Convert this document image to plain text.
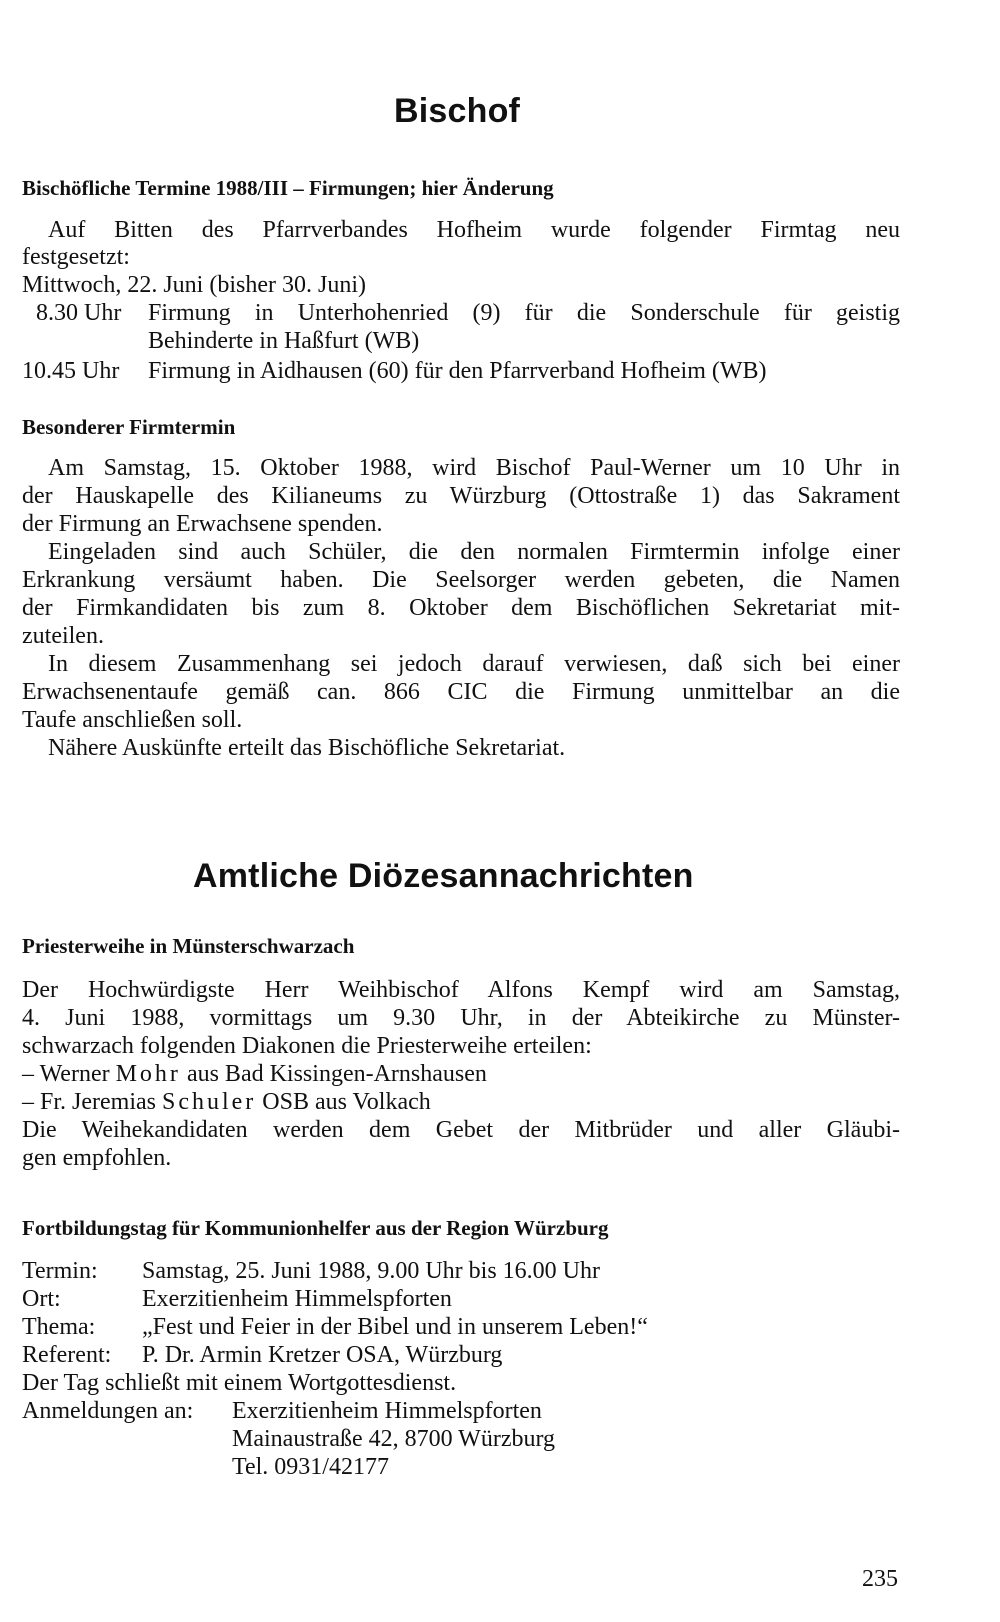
Bischof
Bischöfliche Termine 1988/III – Firmungen; hier Änderung
Auf Bitten des Pfarrverbandes Hofheim wurde folgender Firmtag neu
festgesetzt:
Mittwoch, 22. Juni (bisher 30. Juni)
8.30 Uhr Firmung in Unterhohenried (9) für die Sonderschule für geistig
Behinderte in Haßfurt (WB)
10.45 Uhr Firmung in Aidhausen (60) für den Pfarrverband Hofheim (WB)
Besonderer Firmtermin
Am Samstag, 15. Oktober 1988, wird Bischof Paul-Werner um 10 Uhr in
der Hauskapelle des Kilianeums zu Würzburg (Ottostraße 1) das Sakrament
der Firmung an Erwachsene spenden.
Eingeladen sind auch Schüler, die den normalen Firmtermin infolge einer
Erkrankung versäumt haben. Die Seelsorger werden gebeten, die Namen
der Firmkandidaten bis zum 8. Oktober dem Bischöflichen Sekretariat mit-
zuteilen.
In diesem Zusammenhang sei jedoch darauf verwiesen, daß sich bei einer
Erwachsenentaufe gemäß can. 866 CIC die Firmung unmittelbar an die
Taufe anschließen soll.
Nähere Auskünfte erteilt das Bischöfliche Sekretariat.
Amtliche Diözesannachrichten
Priesterweihe in Münsterschwarzach
Der Hochwürdigste Herr Weihbischof Alfons Kempf wird am Samstag,
4. Juni 1988, vormittags um 9.30 Uhr, in der Abteikirche zu Münster-
schwarzach folgenden Diakonen die Priesterweihe erteilen:
– Werner Mohr aus Bad Kissingen-Arnshausen
– Fr. Jeremias Schuler OSB aus Volkach
Die Weihekandidaten werden dem Gebet der Mitbrüder und aller Gläubi-
gen empfohlen.
Fortbildungstag für Kommunionhelfer aus der Region Würzburg
Termin: Samstag, 25. Juni 1988, 9.00 Uhr bis 16.00 Uhr
Ort:	Exerzitienheim Himmelspforten
Thema: „Fest und Feier in der Bibel und in unserem Leben!“
Referent: P. Dr. Armin Kretzer OSA, Würzburg
Der Tag schließt mit einem Wortgottesdienst.
Anmeldungen an: Exerzitienheim Himmelspforten
Mainaustraße 42, 8700 Würzburg
Tel. 0931/42177
235
